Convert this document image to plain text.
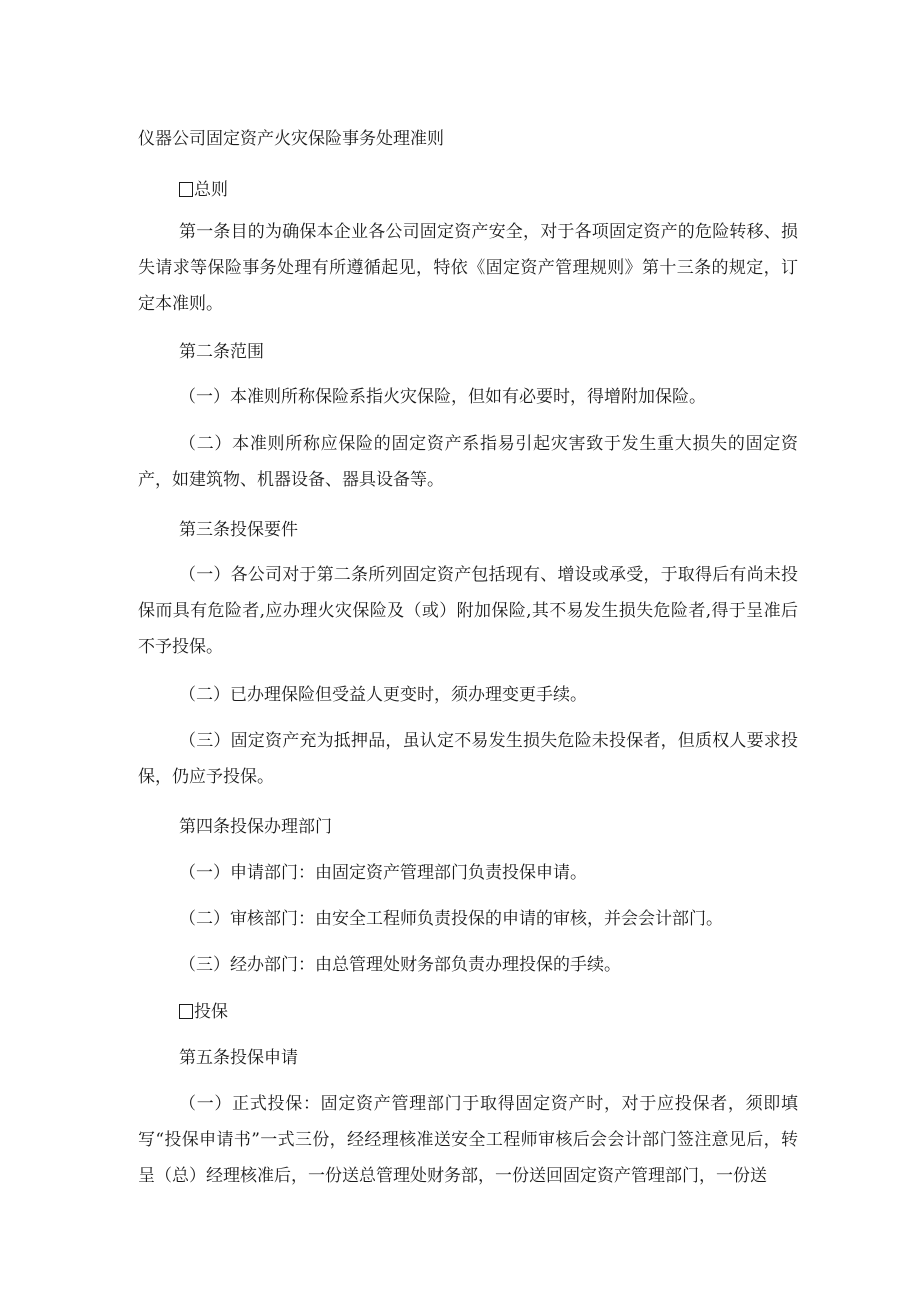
仪器公司固定资产火灾保险事务处理准则

总则

第一条目的为确保本企业各公司固定资产安全，对于各项固定资产的危险转移、损失请求等保险事务处理有所遵循起见，特依《固定资产管理规则》第十三条的规定，订定本准则。

第二条范围

（一）本准则所称保险系指火灾保险，但如有必要时，得增附加保险。

（二）本准则所称应保险的固定资产系指易引起灾害致于发生重大损失的固定资产，如建筑物、机器设备、器具设备等。

第三条投保要件

（一）各公司对于第二条所列固定资产包括现有、增设或承受，于取得后有尚未投保而具有危险者,应办理火灾保险及（或）附加保险,其不易发生损失危险者,得于呈准后不予投保。

（二）已办理保险但受益人更变时，须办理变更手续。

（三）固定资产充为抵押品，虽认定不易发生损失危险未投保者，但质权人要求投保，仍应予投保。

第四条投保办理部门

（一）申请部门：由固定资产管理部门负责投保申请。

（二）审核部门：由安全工程师负责投保的申请的审核，并会会计部门。

（三）经办部门：由总管理处财务部负责办理投保的手续。

投保

第五条投保申请

（一）正式投保：固定资产管理部门于取得固定资产时，对于应投保者，须即填写“投保申请书”一式三份，经经理核准送安全工程师审核后会会计部门签注意见后，转呈（总）经理核准后，一份送总管理处财务部，一份送回固定资产管理部门，一份送
